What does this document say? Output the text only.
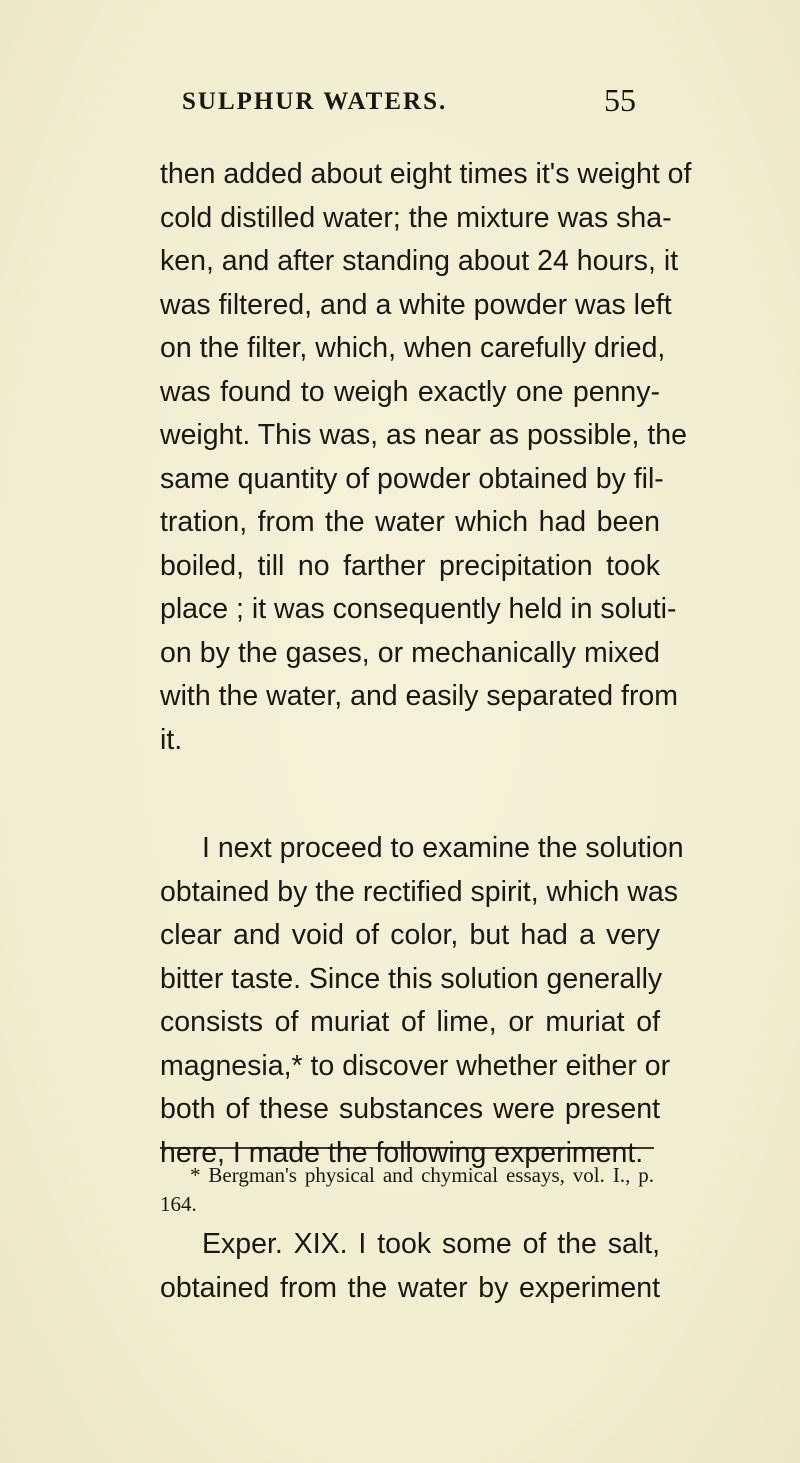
SULPHUR WATERS.	55
then added about eight times it's weight of
cold distilled water; the mixture was sha-
ken, and after standing about 24 hours, it
was filtered, and a white powder was left
on the filter, which, when carefully dried,
was found to weigh exactly one penny-
weight. This was, as near as possible, the
same quantity of powder obtained by fil-
tration, from the water which had been
boiled, till no farther precipitation took
place ; it was consequently held in soluti-
on by the gases, or mechanically mixed
with the water, and easily separated from
it.
I next proceed to examine the solution
obtained by the rectified spirit, which was
clear and void of color, but had a very
bitter taste. Since this solution generally
consists of muriat of lime, or muriat of
magnesia,* to discover whether either or
both of these substances were present
here, I made the following experiment.
Exper. XIX. I took some of the salt,
obtained from the water by experiment
* Bergman's physical and chymical essays, vol. I., p.
164.
